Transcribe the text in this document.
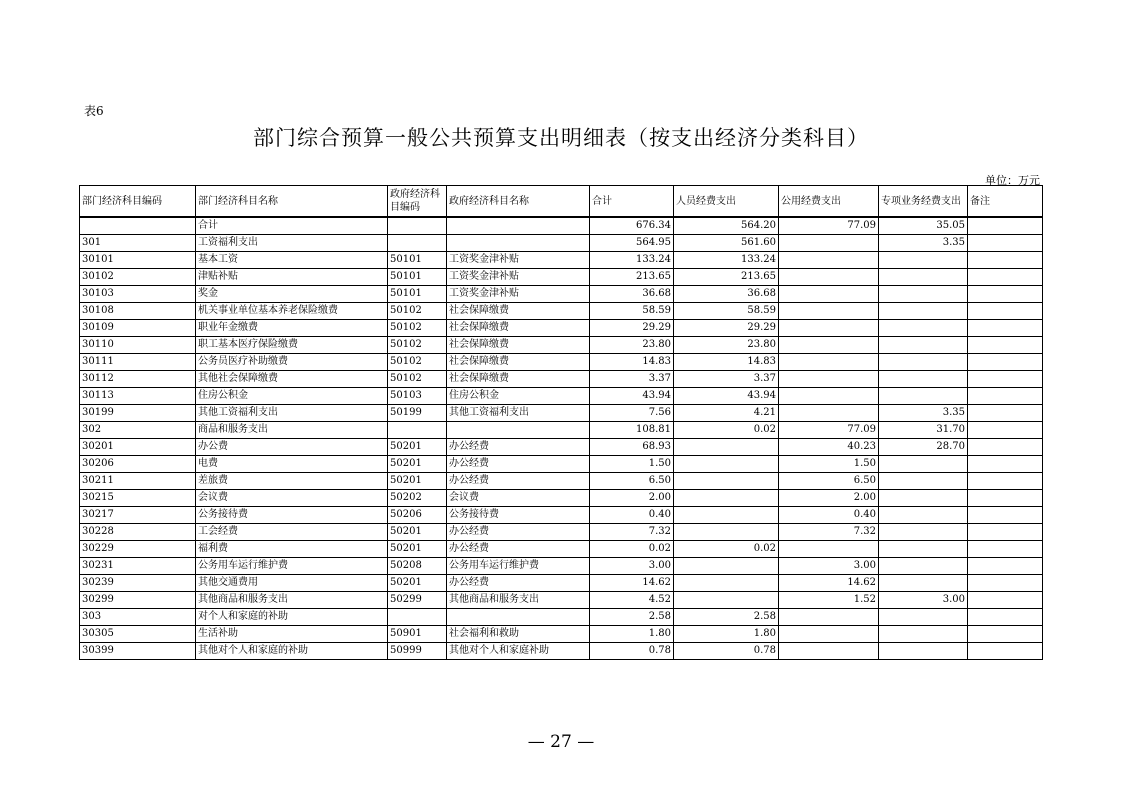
表6
部门综合预算一般公共预算支出明细表（按支出经济分类科目）
单位：万元
部门经济科目编码	部门经济科目名称	政府经济科目编码	政府经济科目名称	合计	人员经费支出	公用经费支出	专项业务经费支出	备注
	合计			676.34	564.20	77.09	35.05	
301	工资福利支出			564.95	561.60		3.35	
30101	基本工资	50101	工资奖金津补贴	133.24	133.24			
30102	津贴补贴	50101	工资奖金津补贴	213.65	213.65			
30103	奖金	50101	工资奖金津补贴	36.68	36.68			
30108	机关事业单位基本养老保险缴费	50102	社会保障缴费	58.59	58.59			
30109	职业年金缴费	50102	社会保障缴费	29.29	29.29			
30110	职工基本医疗保险缴费	50102	社会保障缴费	23.80	23.80			
30111	公务员医疗补助缴费	50102	社会保障缴费	14.83	14.83			
30112	其他社会保障缴费	50102	社会保障缴费	3.37	3.37			
30113	住房公积金	50103	住房公积金	43.94	43.94			
30199	其他工资福利支出	50199	其他工资福利支出	7.56	4.21		3.35	
302	商品和服务支出			108.81	0.02	77.09	31.70	
30201	办公费	50201	办公经费	68.93		40.23	28.70	
30206	电费	50201	办公经费	1.50		1.50		
30211	差旅费	50201	办公经费	6.50		6.50		
30215	会议费	50202	会议费	2.00		2.00		
30217	公务接待费	50206	公务接待费	0.40		0.40		
30228	工会经费	50201	办公经费	7.32		7.32		
30229	福利费	50201	办公经费	0.02	0.02			
30231	公务用车运行维护费	50208	公务用车运行维护费	3.00		3.00		
30239	其他交通费用	50201	办公经费	14.62		14.62		
30299	其他商品和服务支出	50299	其他商品和服务支出	4.52		1.52	3.00	
303	对个人和家庭的补助			2.58	2.58			
30305	生活补助	50901	社会福利和救助	1.80	1.80			
30399	其他对个人和家庭的补助	50999	其他对个人和家庭补助	0.78	0.78			
— 27 —
